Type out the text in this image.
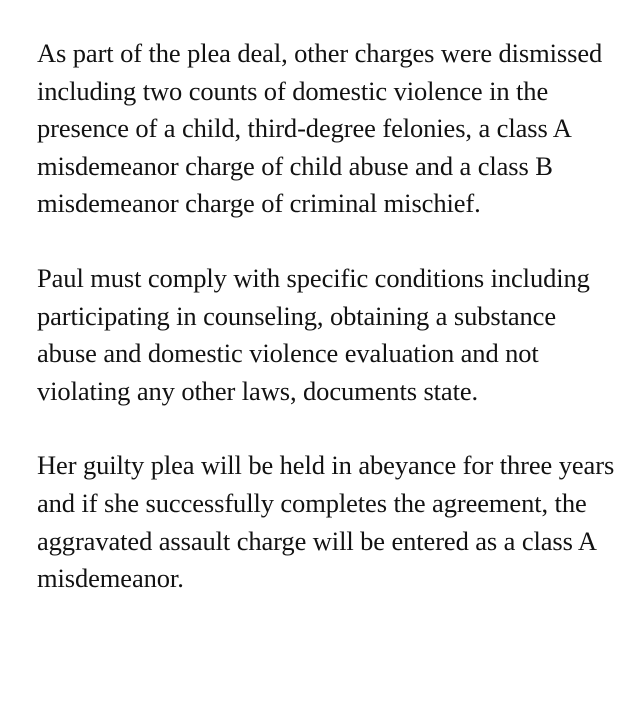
As part of the plea deal, other charges were dismissed including two counts of domestic violence in the presence of a child, third-degree felonies, a class A misdemeanor charge of child abuse and a class B misdemeanor charge of criminal mischief.

Paul must comply with specific conditions including participating in counseling, obtaining a substance abuse and domestic violence evaluation and not violating any other laws, documents state.

Her guilty plea will be held in abeyance for three years and if she successfully completes the agreement, the aggravated assault charge will be entered as a class A misdemeanor.
